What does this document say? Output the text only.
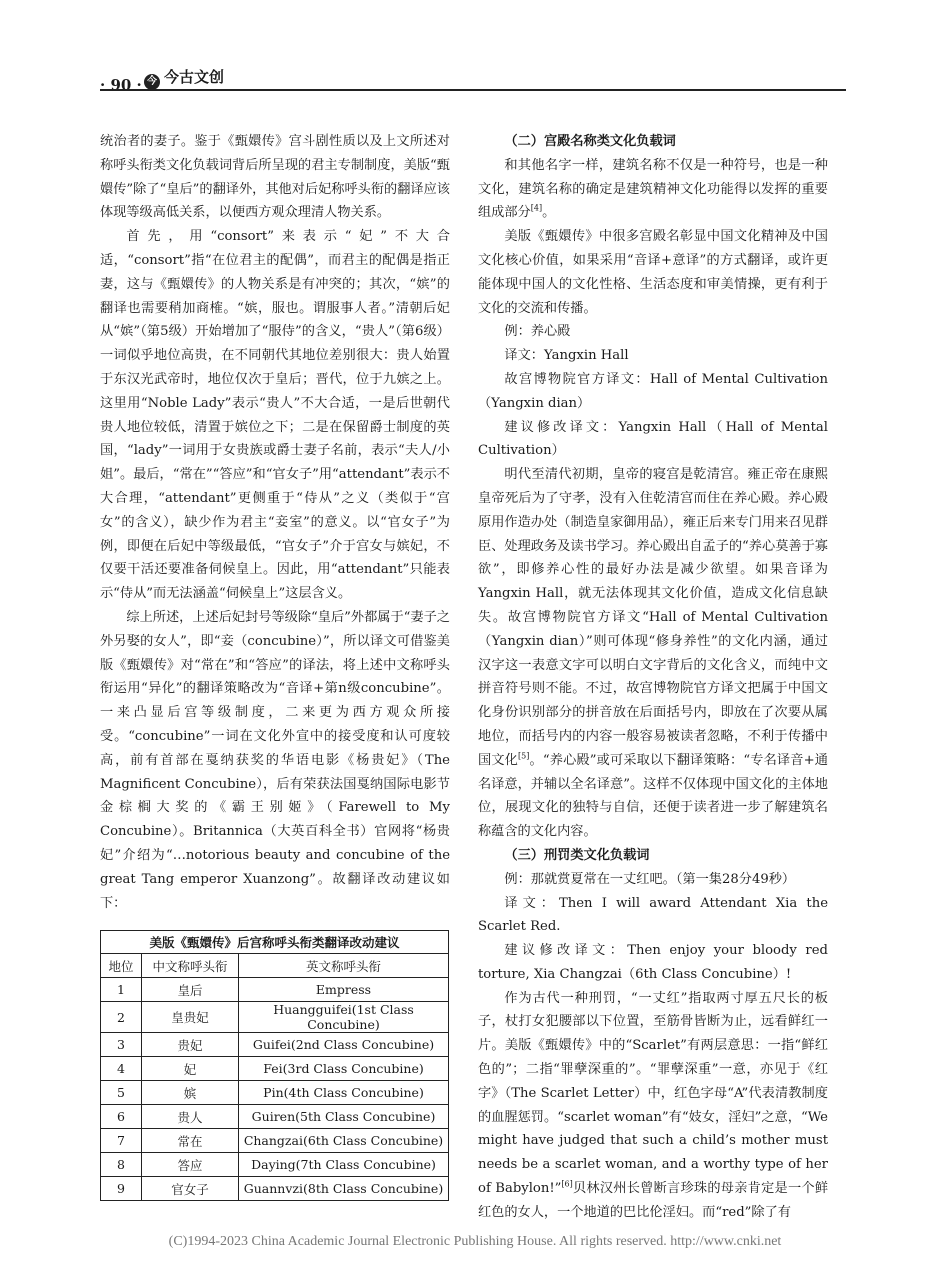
· 90 · 今 今古文创

统治者的妻子。鉴于《甄嬛传》宫斗剧性质以及上文所述对称呼头衔类文化负载词背后所呈现的君主专制制度，美版“甄嬛传”除了“皇后”的翻译外，其他对后妃称呼头衔的翻译应该体现等级高低关系，以便西方观众理清人物关系。

首先，用“consort”来表示“妃”不大合适，“consort”指“在位君主的配偶”，而君主的配偶是指正妻，这与《甄嬛传》的人物关系是有冲突的；其次，“嫔”的翻译也需要稍加商榷。“嫔，服也。谓服事人者。”清朝后妃从“嫔”（第5级）开始增加了“服侍”的含义，“贵人”（第6级）一词似乎地位高贵，在不同朝代其地位差别很大：贵人始置于东汉光武帝时，地位仅次于皇后；晋代，位于九嫔之上。这里用“Noble Lady”表示“贵人”不大合适，一是后世朝代贵人地位较低，清置于嫔位之下；二是在保留爵士制度的英国，“lady”一词用于女贵族或爵士妻子名前，表示“夫人/小姐”。最后，“常在”“答应”和“官女子”用“attendant”表示不大合理，“attendant”更侧重于“侍从”之义（类似于“宫女”的含义），缺少作为君主“妾室”的意义。以“官女子”为例，即便在后妃中等级最低，“官女子”介于宫女与嫔妃，不仅要干活还要准备伺候皇上。因此，用“attendant”只能表示“侍从”而无法涵盖“伺候皇上”这层含义。

综上所述，上述后妃封号等级除“皇后”外都属于“妻子之外另娶的女人”，即“妾（concubine）”，所以译文可借鉴美版《甄嬛传》对“常在”和“答应”的译法，将上述中文称呼头衔运用“异化”的翻译策略改为“音译+第n级concubine”。一来凸显后宫等级制度，二来更为西方观众所接受。“concubine”一词在文化外宣中的接受度和认可度较高，前有首部在戛纳获奖的华语电影《杨贵妃》（The Magnificent Concubine），后有荣获法国戛纳国际电影节金棕榈大奖的《霸王别姬》（Farewell to My Concubine）。Britannica（大英百科全书）官网将“杨贵妃”介绍为“…notorious beauty and concubine of the great Tang emperor Xuanzong”。故翻译改动建议如下：

美版《甄嬛传》后宫称呼头衔类翻译改动建议		
地位	中文称呼头衔	英文称呼头衔
1	皇后	Empress
2	皇贵妃	Huangguifei(1st Class Concubine)
3	贵妃	Guifei(2nd Class Concubine)
4	妃	Fei(3rd Class Concubine)
5	嫔	Pin(4th Class Concubine)
6	贵人	Guiren(5th Class Concubine)
7	常在	Changzai(6th Class Concubine)
8	答应	Daying(7th Class Concubine)
9	官女子	Guannvzi(8th Class Concubine)

（二）宫殿名称类文化负载词

和其他名字一样，建筑名称不仅是一种符号，也是一种文化，建筑名称的确定是建筑精神文化功能得以发挥的重要组成部分[4]。

美版《甄嬛传》中很多宫殿名彰显中国文化精神及中国文化核心价值，如果采用“音译+意译”的方式翻译，或许更能体现中国人的文化性格、生活态度和审美情操，更有利于文化的交流和传播。

例：养心殿

译文：Yangxin Hall

故宫博物院官方译文：Hall of Mental Cultivation（Yangxin dian）

建议修改译文：Yangxin Hall（Hall of Mental Cultivation）

明代至清代初期，皇帝的寝宫是乾清宫。雍正帝在康熙皇帝死后为了守孝，没有入住乾清宫而住在养心殿。养心殿原用作造办处（制造皇家御用品），雍正后来专门用来召见群臣、处理政务及读书学习。养心殿出自孟子的“养心莫善于寡欲”，即修养心性的最好办法是减少欲望。如果音译为Yangxin Hall，就无法体现其文化价值，造成文化信息缺失。故宫博物院官方译文“Hall of Mental Cultivation（Yangxin dian）”则可体现“修身养性”的文化内涵，通过汉字这一表意文字可以明白文字背后的文化含义，而纯中文拼音符号则不能。不过，故宫博物院官方译文把属于中国文化身份识别部分的拼音放在后面括号内，即放在了次要从属地位，而括号内的内容一般容易被读者忽略，不利于传播中国文化[5]。“养心殿”或可采取以下翻译策略：“专名译音+通名译意，并辅以全名译意”。这样不仅体现中国文化的主体地位，展现文化的独特与自信，还便于读者进一步了解建筑名称蕴含的文化内容。

（三）刑罚类文化负载词

例：那就赏夏常在一丈红吧。（第一集28分49秒）

译文：Then I will award Attendant Xia the Scarlet Red.

建议修改译文：Then enjoy your bloody red torture, Xia Changzai（6th Class Concubine）!

作为古代一种刑罚，“一丈红”指取两寸厚五尺长的板子，杖打女犯腰部以下位置，至筋骨皆断为止，远看鲜红一片。美版《甄嬛传》中的“Scarlet”有两层意思：一指“鲜红色的”；二指“罪孽深重的”。“罪孽深重”一意，亦见于《红字》（The Scarlet Letter）中，红色字母“A”代表清教制度的血腥惩罚。“scarlet woman”有“妓女，淫妇”之意，“We might have judged that such a child’s mother must needs be a scarlet woman, and a worthy type of her of Babylon!”[6]贝林汉州长曾断言珍珠的母亲肯定是一个鲜红色的女人，一个地道的巴比伦淫妇。而“red”除了有

(C)1994-2023 China Academic Journal Electronic Publishing House. All rights reserved. http://www.cnki.net
